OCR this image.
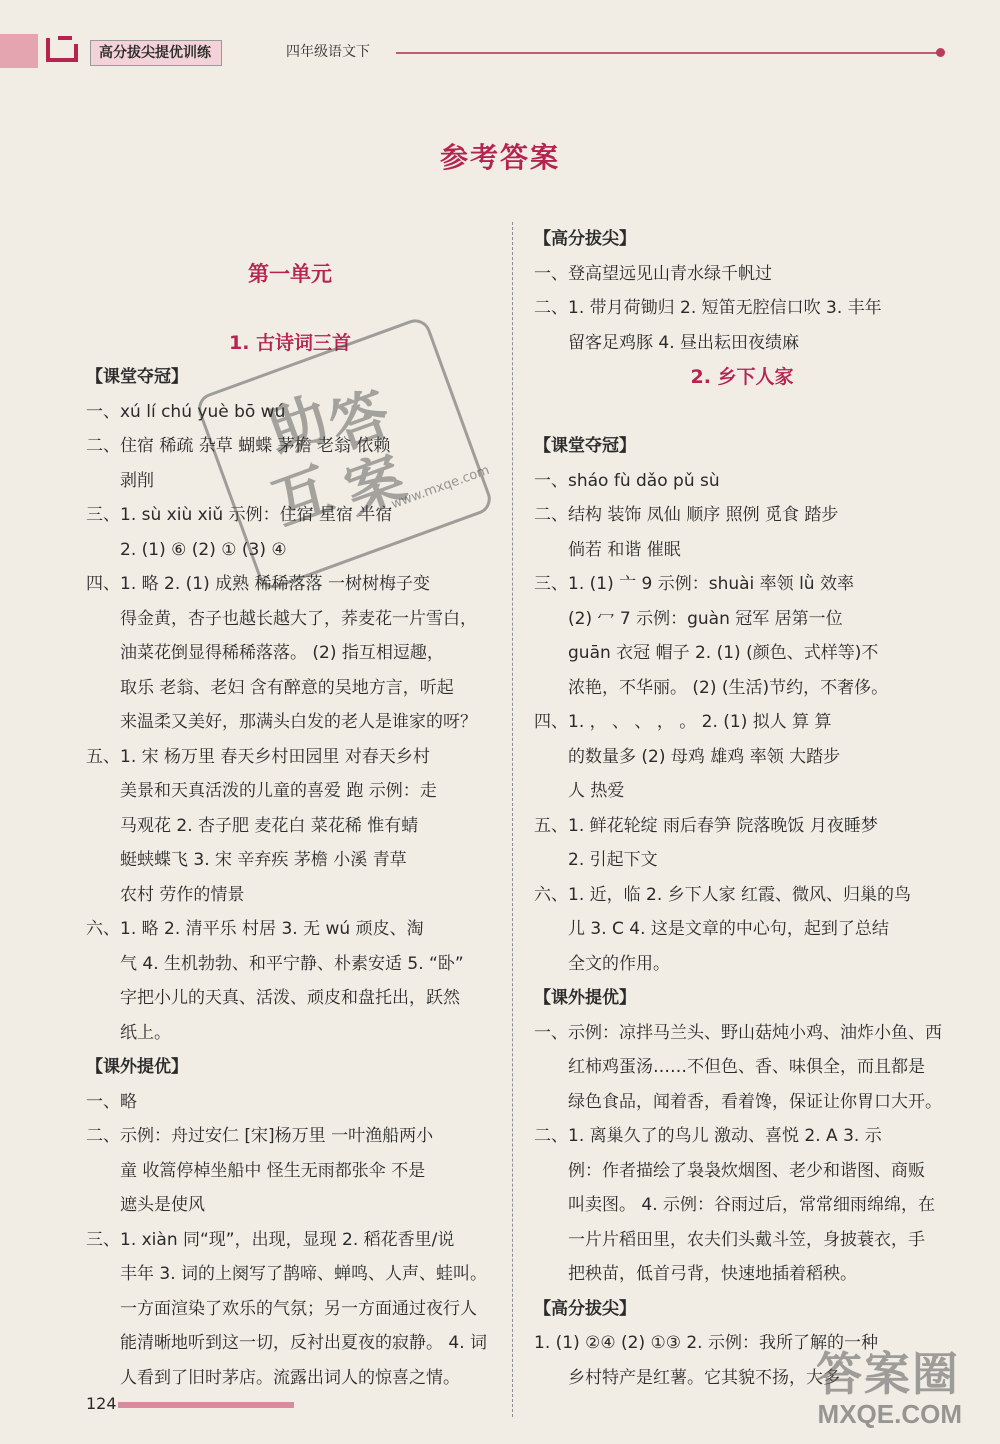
高分拔尖提优训练	四年级语文下
参考答案
第一单元
1. 古诗词三首
【课堂夺冠】
一、xú lí chú yuè bō wú
二、住宿 稀疏 杂草 蝴蝶 茅檐 老翁 依赖
剥削
三、1. sù xiù xiǔ 示例：住宿 星宿 半宿
2. (1) ⑥ (2) ① (3) ④
四、1. 略 2. (1) 成熟 稀稀落落 一树树梅子变
得金黄，杏子也越长越大了，荞麦花一片雪白，
油菜花倒显得稀稀落落。 (2) 指互相逗趣，
取乐 老翁、老妇 含有醉意的吴地方言，听起
来温柔又美好，那满头白发的老人是谁家的呀？
五、1. 宋 杨万里 春天乡村田园里 对春天乡村
美景和天真活泼的儿童的喜爱 跑 示例：走
马观花 2. 杏子肥 麦花白 菜花稀 惟有蜻
蜓蛱蝶飞 3. 宋 辛弃疾 茅檐 小溪 青草
农村 劳作的情景
六、1. 略 2. 清平乐 村居 3. 无 wú 顽皮、淘
气 4. 生机勃勃、和平宁静、朴素安适 5. “卧”
字把小儿的天真、活泼、顽皮和盘托出，跃然
纸上。
【课外提优】
一、略
二、示例：舟过安仁 [宋]杨万里 一叶渔船两小
童 收篙停棹坐船中 怪生无雨都张伞 不是
遮头是使风
三、1. xiàn 同“现”，出现，显现 2. 稻花香里/说
丰年 3. 词的上阕写了鹊啼、蝉鸣、人声、蛙叫。
一方面渲染了欢乐的气氛；另一方面通过夜行人
能清晰地听到这一切，反衬出夏夜的寂静。 4. 词
人看到了旧时茅店。流露出词人的惊喜之情。
【高分拔尖】
一、登高望远见山青水绿千帆过
二、1. 带月荷锄归 2. 短笛无腔信口吹 3. 丰年
留客足鸡豚 4. 昼出耘田夜绩麻
2. 乡下人家
【课堂夺冠】
一、sháo fù dǎo pǔ sù
二、结构 装饰 凤仙 顺序 照例 觅食 踏步
倘若 和谐 催眠
三、1. (1) 亠 9 示例：shuài 率领 lǜ 效率
(2) 冖 7 示例：guàn 冠军 居第一位
guān 衣冠 帽子 2. (1) (颜色、式样等)不
浓艳，不华丽。 (2) (生活)节约，不奢侈。
四、1. ， 、 、 ， 。 2. (1) 拟人 算 算
的数量多 (2) 母鸡 雄鸡 率领 大踏步
人 热爱
五、1. 鲜花轮绽 雨后春笋 院落晚饭 月夜睡梦
2. 引起下文
六、1. 近，临 2. 乡下人家 红霞、微风、归巢的鸟
儿 3. C 4. 这是文章的中心句，起到了总结
全文的作用。
【课外提优】
一、示例：凉拌马兰头、野山菇炖小鸡、油炸小鱼、西
红柿鸡蛋汤……不但色、香、味俱全，而且都是
绿色食品，闻着香，看着馋，保证让你胃口大开。
二、1. 离巢久了的鸟儿 激动、喜悦 2. A 3. 示
例：作者描绘了袅袅炊烟图、老少和谐图、商贩
叫卖图。 4. 示例：谷雨过后，常常细雨绵绵，在
一片片稻田里，农夫们头戴斗笠，身披蓑衣，手
把秧苗，低首弓背，快速地插着稻秧。
【高分拔尖】
1. (1) ②④ (2) ①③ 2. 示例：我所了解的一种
乡村特产是红薯。它其貌不扬，大多
互
助
答
案
www.mxqe.com
124
答案圈
MXQE.COM
